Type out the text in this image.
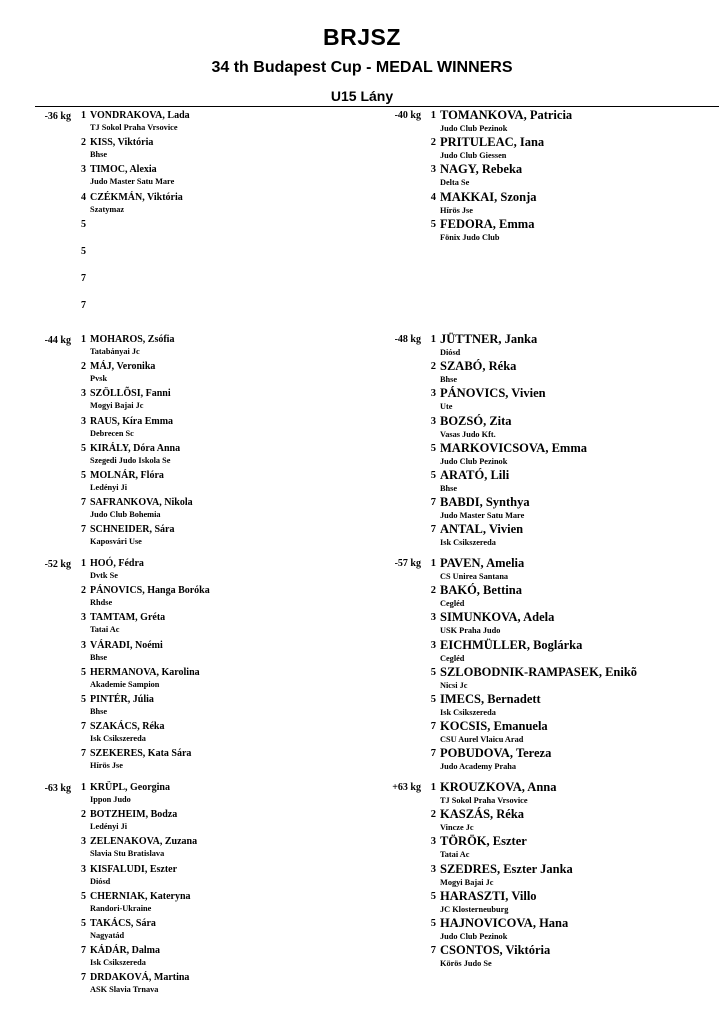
BRJSZ
34 th Budapest Cup - MEDAL WINNERS
U15 Lány
-36 kg	1 VONDRAKOVA, Lada
TJ Sokol Praha Vrsovice
2 KISS, Viktória
Bhse
3 TIMOC, Alexia
Judo Master Satu Mare
4 CZÉKMÁN, Viktória
Szatymaz
5
5
7
7
-40 kg 1 TOMANKOVA, Patricia
Judo Club Pezinok
2 PRITULEAC, Iana
Judo Club Giessen
3 NAGY, Rebeka
Delta Se
4 MAKKAI, Szonja
Hírös Jse
5 FEDORA, Emma
Fönix Judo Club
-44 kg	1 MOHAROS, Zsófia
Tatabányai Jc
2 MÁJ, Veronika
Pvsk
3 SZÖLLÕSI, Fanni
Mogyi Bajai Jc
3 RAUS, Kíra Emma
Debrecen Sc
5 KIRÁLY, Dóra Anna
Szegedi Judo Iskola Se
5 MOLNÁR, Flóra
Ledényi Ji
7 SAFRANKOVA, Nikola
Judo Club Bohemia
7 SCHNEIDER, Sára
Kaposvári Use
-48 kg 1 JÜTTNER, Janka
Diósd
2 SZABÓ, Réka
Bhse
3 PÁNOVICS, Vivien
Ute
3 BOZSÓ, Zita
Vasas Judo Kft.
5 MARKOVICSOVA, Emma
Judo Club Pezinok
5 ARATÓ, Lili
Bhse
7 BABDI, Synthya
Judo Master Satu Mare
7 ANTAL, Vivien
Isk Csikszereda
-52 kg	1 HOÓ, Fédra
Dvtk Se
2 PÁNOVICS, Hanga Boróka
Rhdse
3 TAMTAM, Gréta
Tatai Ac
3 VÁRADI, Noémi
Bhse
5 HERMANOVA, Karolina
Akademie Sampion
5 PINTÉR, Júlia
Bhse
7 SZAKÁCS, Réka
Isk Csikszereda
7 SZEKERES, Kata Sára
Hírös Jse
-57 kg 1 PAVEN, Amelia
CS Unirea Santana
2 BAKÓ, Bettina
Cegléd
3 SIMUNKOVA, Adela
USK Praha Judo
3 EICHMÜLLER, Boglárka
Cegléd
5 SZLOBODNIK-RAMPASEK, Enikõ
Nicsi Jc
5 IMECS, Bernadett
Isk Csikszereda
7 KOCSIS, Emanuela
CSU Aurel Vlaicu Arad
7 POBUDOVA, Tereza
Judo Academy Praha
-63 kg	1 KRÜPL, Georgina
Ippon Judo
2 BOTZHEIM, Bodza
Ledényi Ji
3 ZELENAKOVA, Zuzana
Slavia Stu Bratislava
3 KISFALUDI, Eszter
Diósd
5 CHERNIAK, Kateryna
Randori-Ukraine
5 TAKÁCS, Sára
Nagyatád
7 KÁDÁR, Dalma
Isk Csikszereda
7 DRDAKOVÁ, Martina
ASK Slavia Trnava
+63 kg 1 KROUZKOVA, Anna
TJ Sokol Praha Vrsovice
2 KASZÁS, Réka
Vincze Jc
3 TÖRÖK, Eszter
Tatai Ac
3 SZEDRES, Eszter Janka
Mogyi Bajai Jc
5 HARASZTI, Villo
JC Klosterneuburg
5 HAJNOVICOVA, Hana
Judo Club Pezinok
7 CSONTOS, Viktória
Körös Judo Se
